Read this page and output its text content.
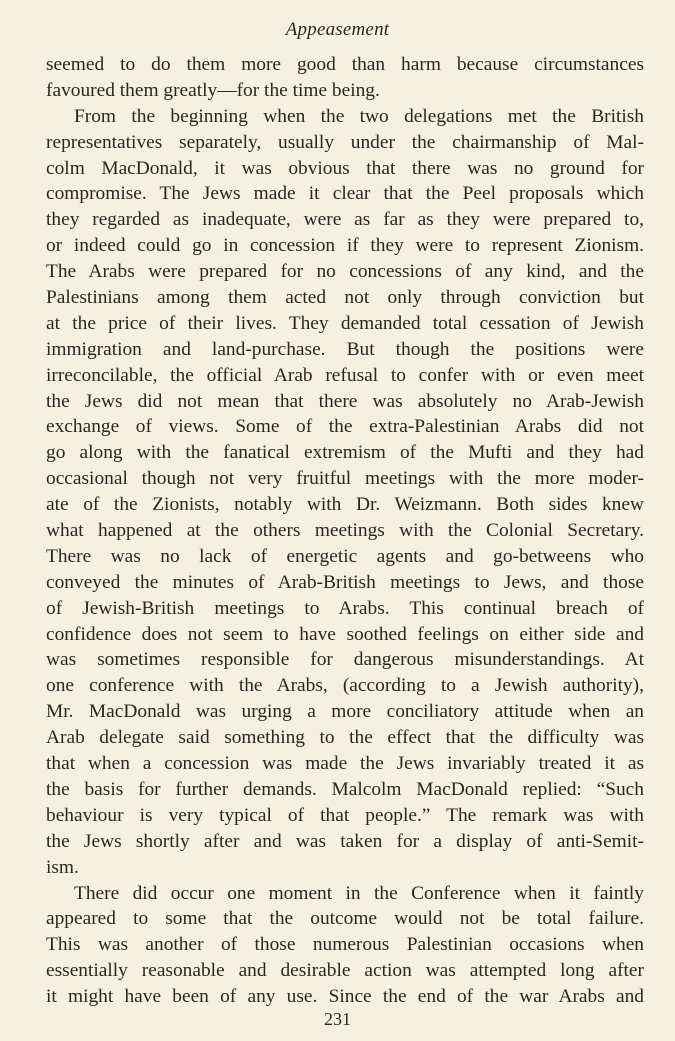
Appeasement
seemed to do them more good than harm because circumstances
favoured them greatly—for the time being.
From the beginning when the two delegations met the British
representatives separately, usually under the chairmanship of Mal-
colm MacDonald, it was obvious that there was no ground for
compromise. The Jews made it clear that the Peel proposals which
they regarded as inadequate, were as far as they were prepared to,
or indeed could go in concession if they were to represent Zionism.
The Arabs were prepared for no concessions of any kind, and the
Palestinians among them acted not only through conviction but
at the price of their lives. They demanded total cessation of Jewish
immigration and land-purchase. But though the positions were
irreconcilable, the official Arab refusal to confer with or even meet
the Jews did not mean that there was absolutely no Arab-Jewish
exchange of views. Some of the extra-Palestinian Arabs did not
go along with the fanatical extremism of the Mufti and they had
occasional though not very fruitful meetings with the more moder-
ate of the Zionists, notably with Dr. Weizmann. Both sides knew
what happened at the others meetings with the Colonial Secretary.
There was no lack of energetic agents and go-betweens who
conveyed the minutes of Arab-British meetings to Jews, and those
of Jewish-British meetings to Arabs. This continual breach of
confidence does not seem to have soothed feelings on either side and
was sometimes responsible for dangerous misunderstandings. At
one conference with the Arabs, (according to a Jewish authority),
Mr. MacDonald was urging a more conciliatory attitude when an
Arab delegate said something to the effect that the difficulty was
that when a concession was made the Jews invariably treated it as
the basis for further demands. Malcolm MacDonald replied: “Such
behaviour is very typical of that people.” The remark was with
the Jews shortly after and was taken for a display of anti-Semit-
ism.
There did occur one moment in the Conference when it faintly
appeared to some that the outcome would not be total failure.
This was another of those numerous Palestinian occasions when
essentially reasonable and desirable action was attempted long after
it might have been of any use. Since the end of the war Arabs and
231
